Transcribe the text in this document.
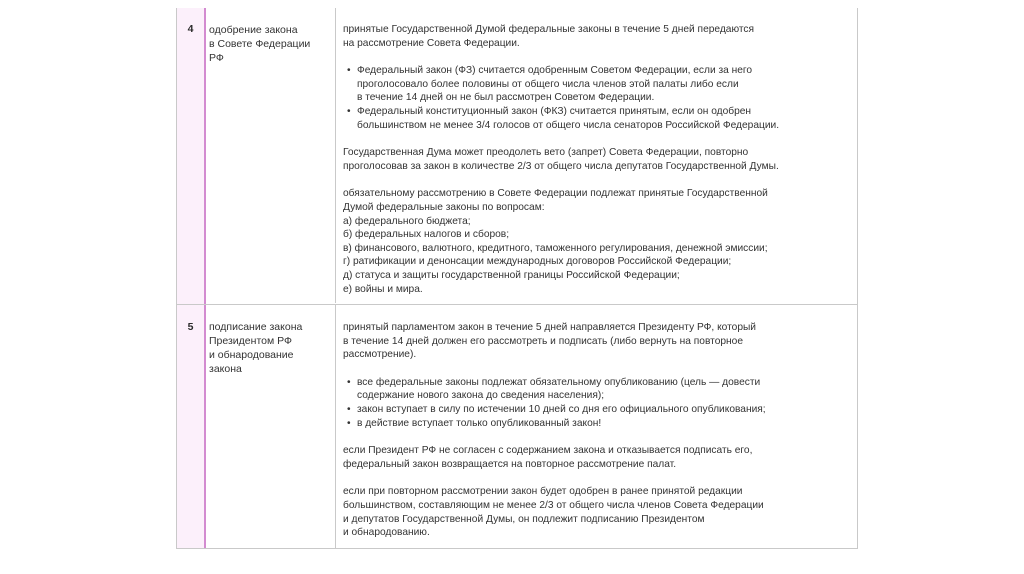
4	одобрение закона
в Совете Федерации
РФ

принятые Государственной Думой федеральные законы в течение 5 дней передаются

на рассмотрение Совета Федерации.

• Федеральный закон (ФЗ) считается одобренным Советом Федерации, если за него

проголосовало более половины от общего числа членов этой палаты либо если

в течение 14 дней он не был рассмотрен Советом Федерации.

• Федеральный конституционный закон (ФКЗ) считается принятым, если он одобрен

большинством не менее 3/4 голосов от общего числа сенаторов Российской Федерации.

Государственная Дума может преодолеть вето (запрет) Совета Федерации, повторно

проголосовав за закон в количестве 2/3 от общего числа депутатов Государственной Думы.

обязательному рассмотрению в Совете Федерации подлежат принятые Государственной

Думой федеральные законы по вопросам:

а) федерального бюджета;

б) федеральных налогов и сборов;

в) финансового, валютного, кредитного, таможенного регулирования, денежной эмиссии;

г) ратификации и денонсации международных договоров Российской Федерации;

д) статуса и защиты государственной границы Российской Федерации;

е) войны и мира.

5	подписание закона
Президентом РФ
и обнародование
закона

принятый парламентом закон в течение 5 дней направляется Президенту РФ, который

в течение 14 дней должен его рассмотреть и подписать (либо вернуть на повторное

рассмотрение).

• все федеральные законы подлежат обязательному опубликованию (цель — довести

содержание нового закона до сведения населения);

• закон вступает в силу по истечении 10 дней со дня его официального опубликования;

• в действие вступает только опубликованный закон!

если Президент РФ не согласен с содержанием закона и отказывается подписать его,

федеральный закон возвращается на повторное рассмотрение палат.

если при повторном рассмотрении закон будет одобрен в ранее принятой редакции

большинством, составляющим не менее 2/3 от общего числа членов Совета Федерации

и депутатов Государственной Думы, он подлежит подписанию Президентом

и обнародованию.
